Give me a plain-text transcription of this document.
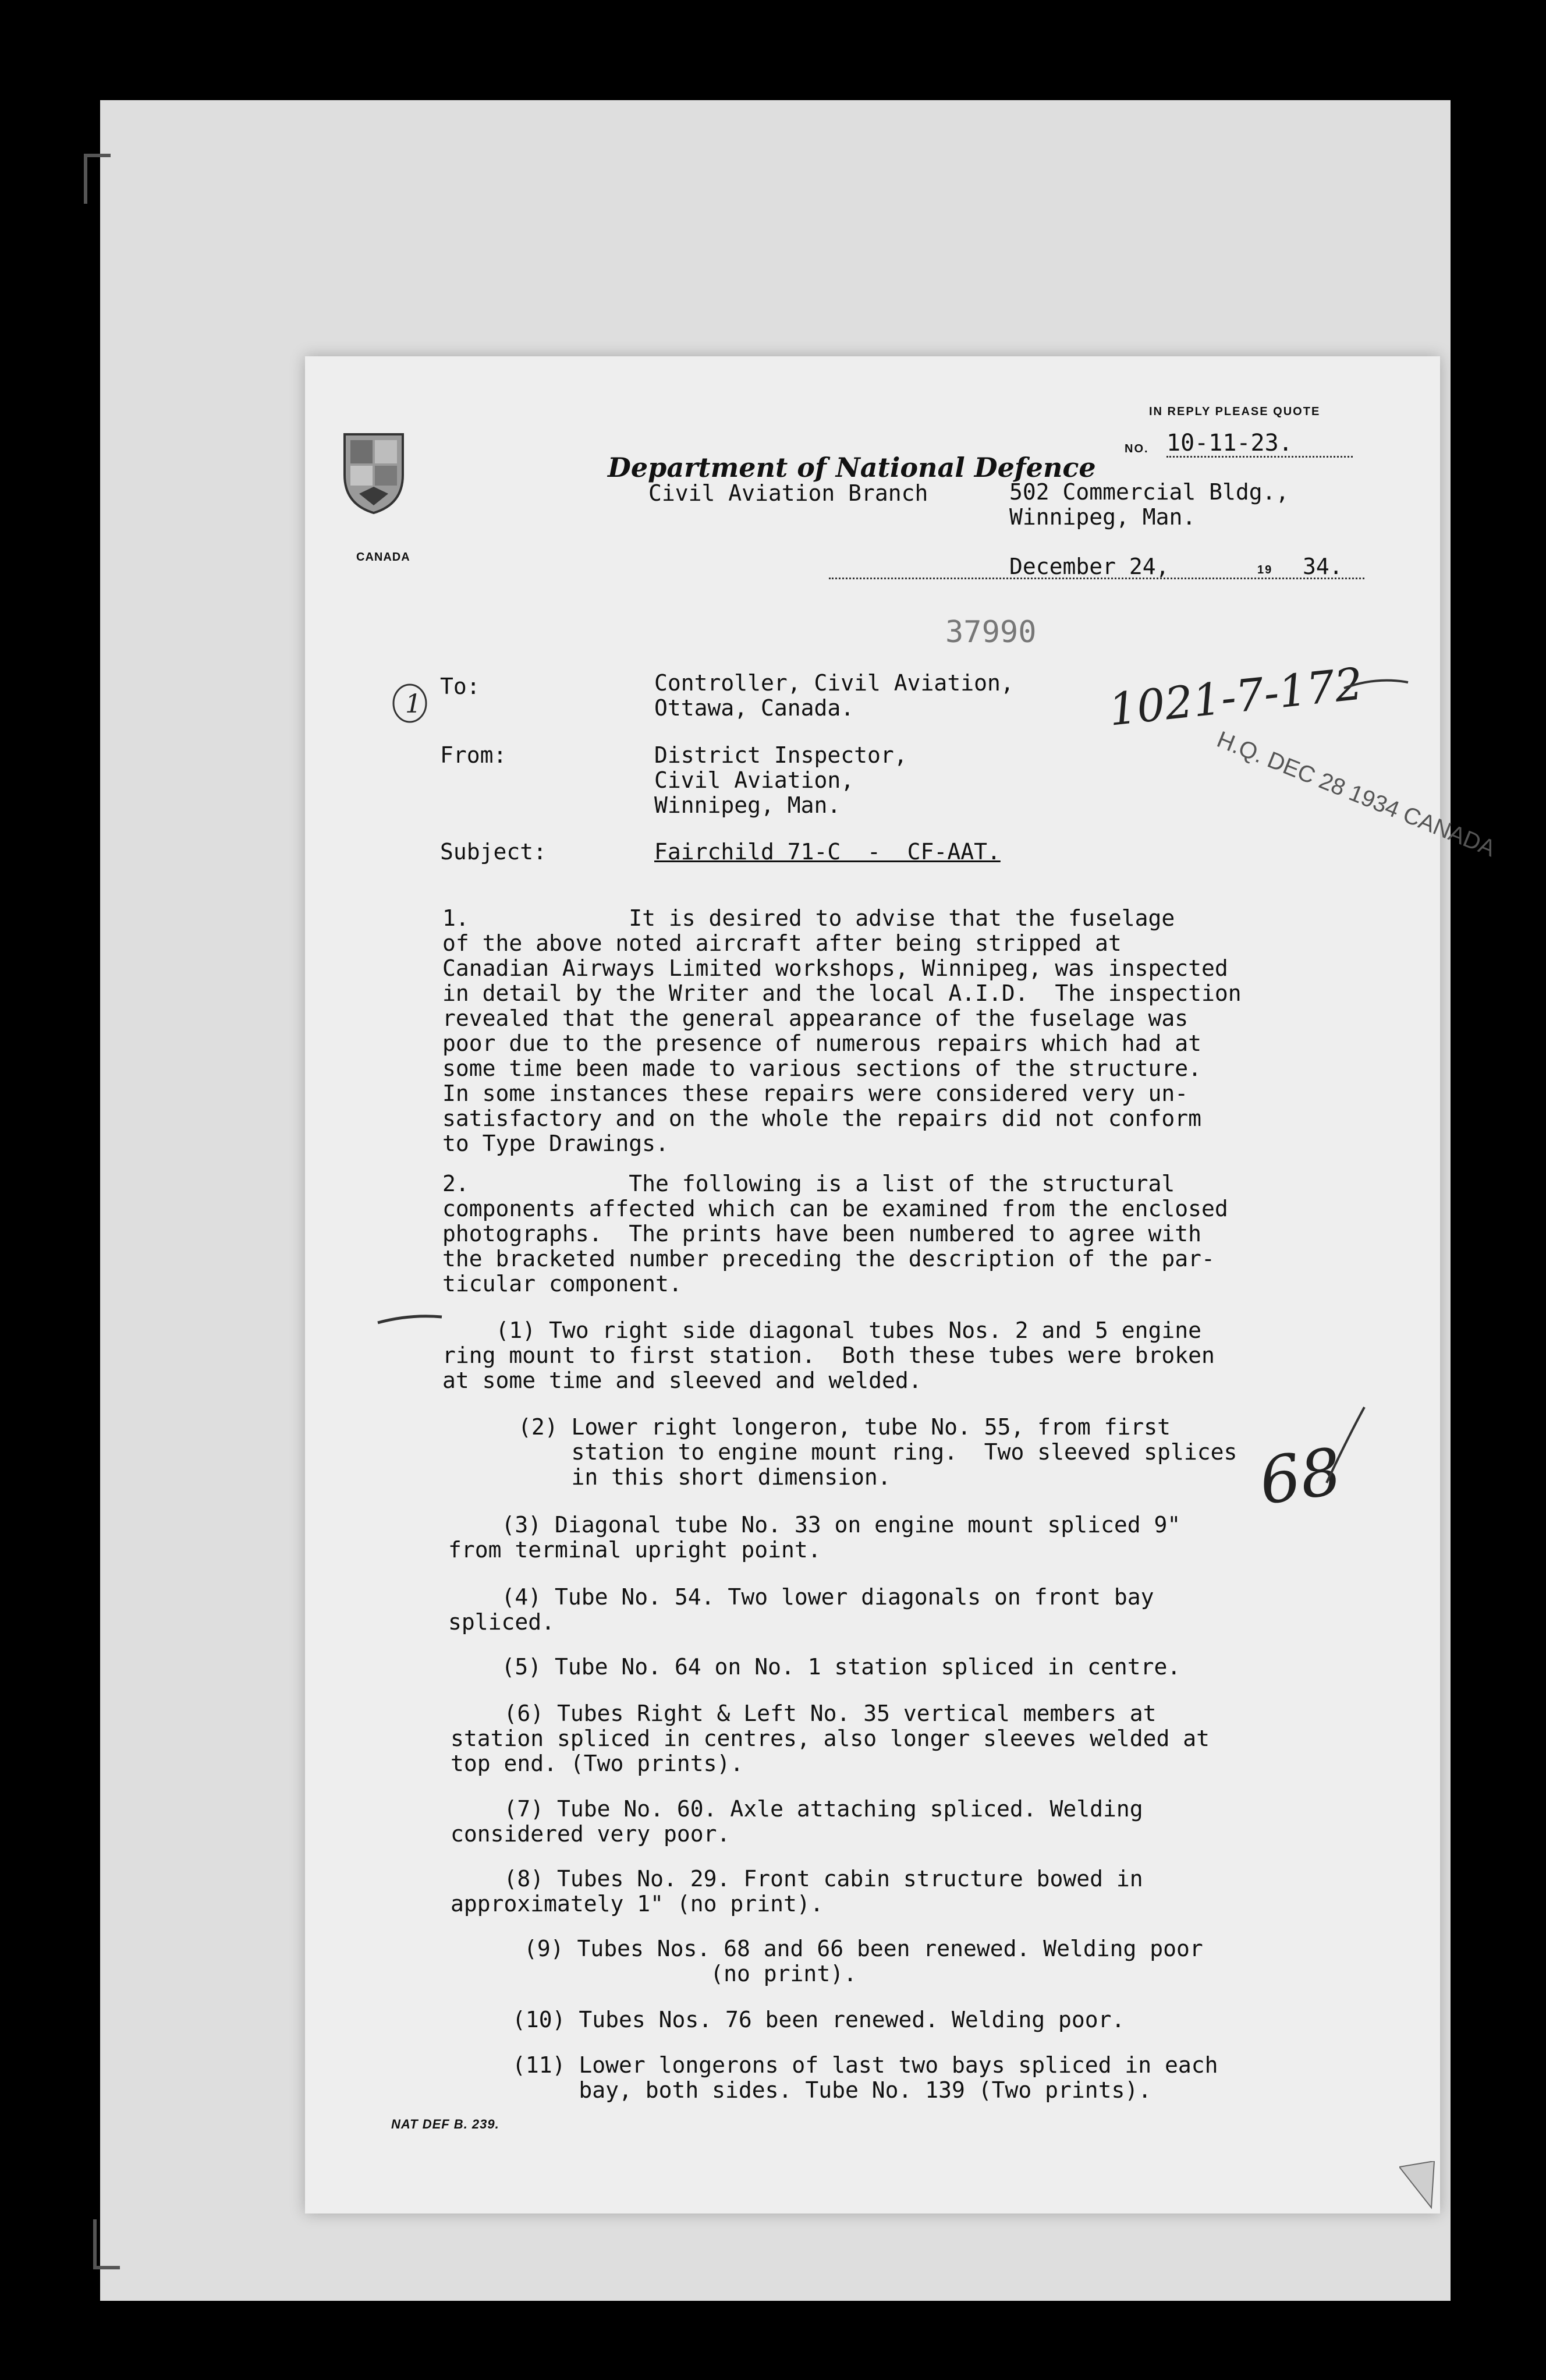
CANADA
IN REPLY PLEASE QUOTE
NO. 10-11-23.
Department of National Defence
Civil Aviation Branch	502 Commercial Bldg.,
Winnipeg, Man.
December 24,	19 34.
37990
1	1021-7-172
68
H.Q. DEC 28 1934 CANADA
To:	Controller, Civil Aviation,
Ottawa, Canada.
From:	District Inspector,
Civil Aviation,
Winnipeg, Man.
Subject:	Fairchild 71-C  -  CF-AAT.
1.            It is desired to advise that the fuselage
of the above noted aircraft after being stripped at
Canadian Airways Limited workshops, Winnipeg, was inspected
in detail by the Writer and the local A.I.D.  The inspection
revealed that the general appearance of the fuselage was
poor due to the presence of numerous repairs which had at
some time been made to various sections of the structure.
In some instances these repairs were considered very un-
satisfactory and on the whole the repairs did not conform
to Type Drawings.
2.            The following is a list of the structural
components affected which can be examined from the enclosed
photographs.  The prints have been numbered to agree with
the bracketed number preceding the description of the par-
ticular component.
(1) Two right side diagonal tubes Nos. 2 and 5 engine
ring mount to first station.  Both these tubes were broken
at some time and sleeved and welded.
(2) Lower right longeron, tube No. 55, from first
station to engine mount ring.  Two sleeved splices
in this short dimension.
(3) Diagonal tube No. 33 on engine mount spliced 9"
from terminal upright point.
(4) Tube No. 54. Two lower diagonals on front bay
spliced.
(5) Tube No. 64 on No. 1 station spliced in centre.
(6) Tubes Right & Left No. 35 vertical members at
station spliced in centres, also longer sleeves welded at
top end. (Two prints).
(7) Tube No. 60. Axle attaching spliced. Welding
considered very poor.
(8) Tubes No. 29. Front cabin structure bowed in
approximately 1" (no print).
(9) Tubes Nos. 68 and 66 been renewed. Welding poor
(no print).
(10) Tubes Nos. 76 been renewed. Welding poor.
(11) Lower longerons of last two bays spliced in each
bay, both sides. Tube No. 139 (Two prints).
NAT DEF B. 239.
